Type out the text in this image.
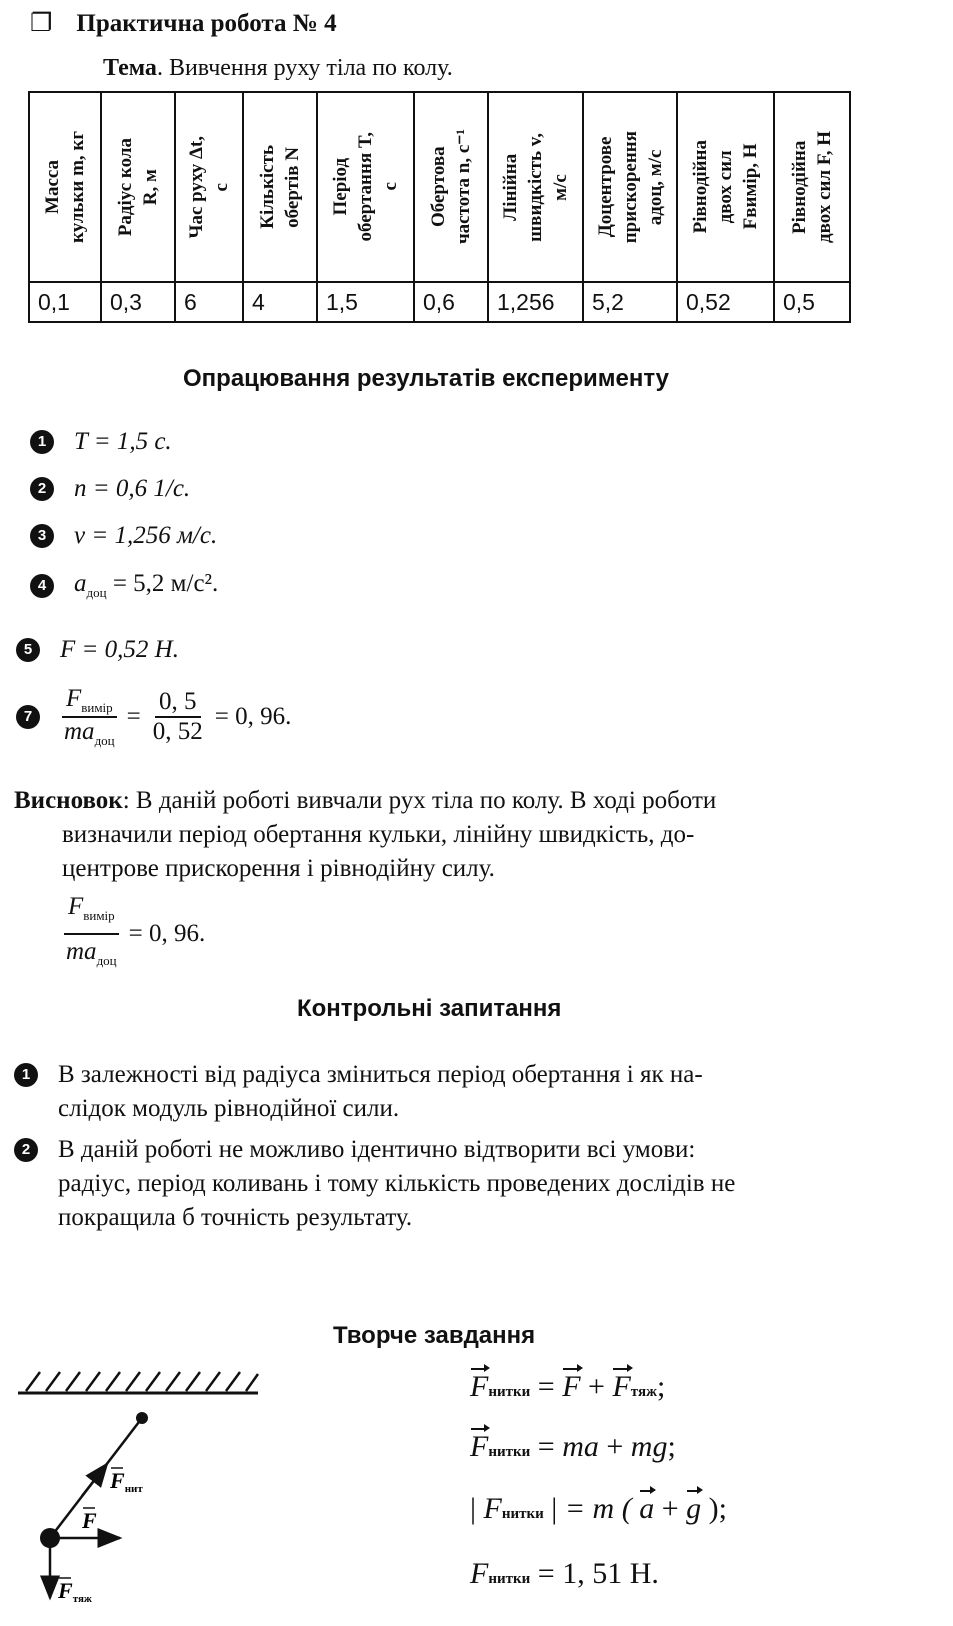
❐ Практична робота № 4
Тема. Вивчення руху тіла по колу.
Масса
кульки m, кг	Радіус кола
R, м	Час руху Δt,
с	Кількість
обертів N	Період
обертання T,
с	Обертова
частота n, с⁻¹	Лінійна
швидкість v,
м/с	Доцентрове
прискорення
aдоц, м/с	Рівнодійна
двох сил
Fвимір, Н	Рівнодійна
двох сил F, Н

0,1	0,3	6	4	1,5	0,6	1,256	5,2	0,52	0,5
Опрацювання результатів експерименту
1	T = 1,5 с.
2	n = 0,6 1/с.
3	v = 1,256 м/с.
4	$a_{доц} = 5,2$ м/с².
5	F = 0,52 Н.
7	$\frac{F_{вимір}}{ma_{доц}} = \frac{0, 5}{0, 52} = 0$, 96.
Висновок: В даній роботі вивчали рух тіла по колу. В ході роботи
визначили період обертання кульки, лінійну швидкість, до-
центрове прискорення і рівнодійну силу.
$\frac{F_{вимір}}{ma_{доц}} = 0$, 96.
Контрольні запитання
1	В залежності від радіуса зміниться період обертання і як на-
слідок модуль рівнодійної сили.
2	В даній роботі не можливо ідентично відтворити всі умови:
радіус, період коливань і тому кількість проведених дослідів не
покращила б точність результату.
Творче завдання
Fнит
F
Fтяж
Fнитки = F + Fтяж;
Fнитки = ma + mg;
| Fнитки | = m ( a + g );
Fнитки = 1, 51 Н.
